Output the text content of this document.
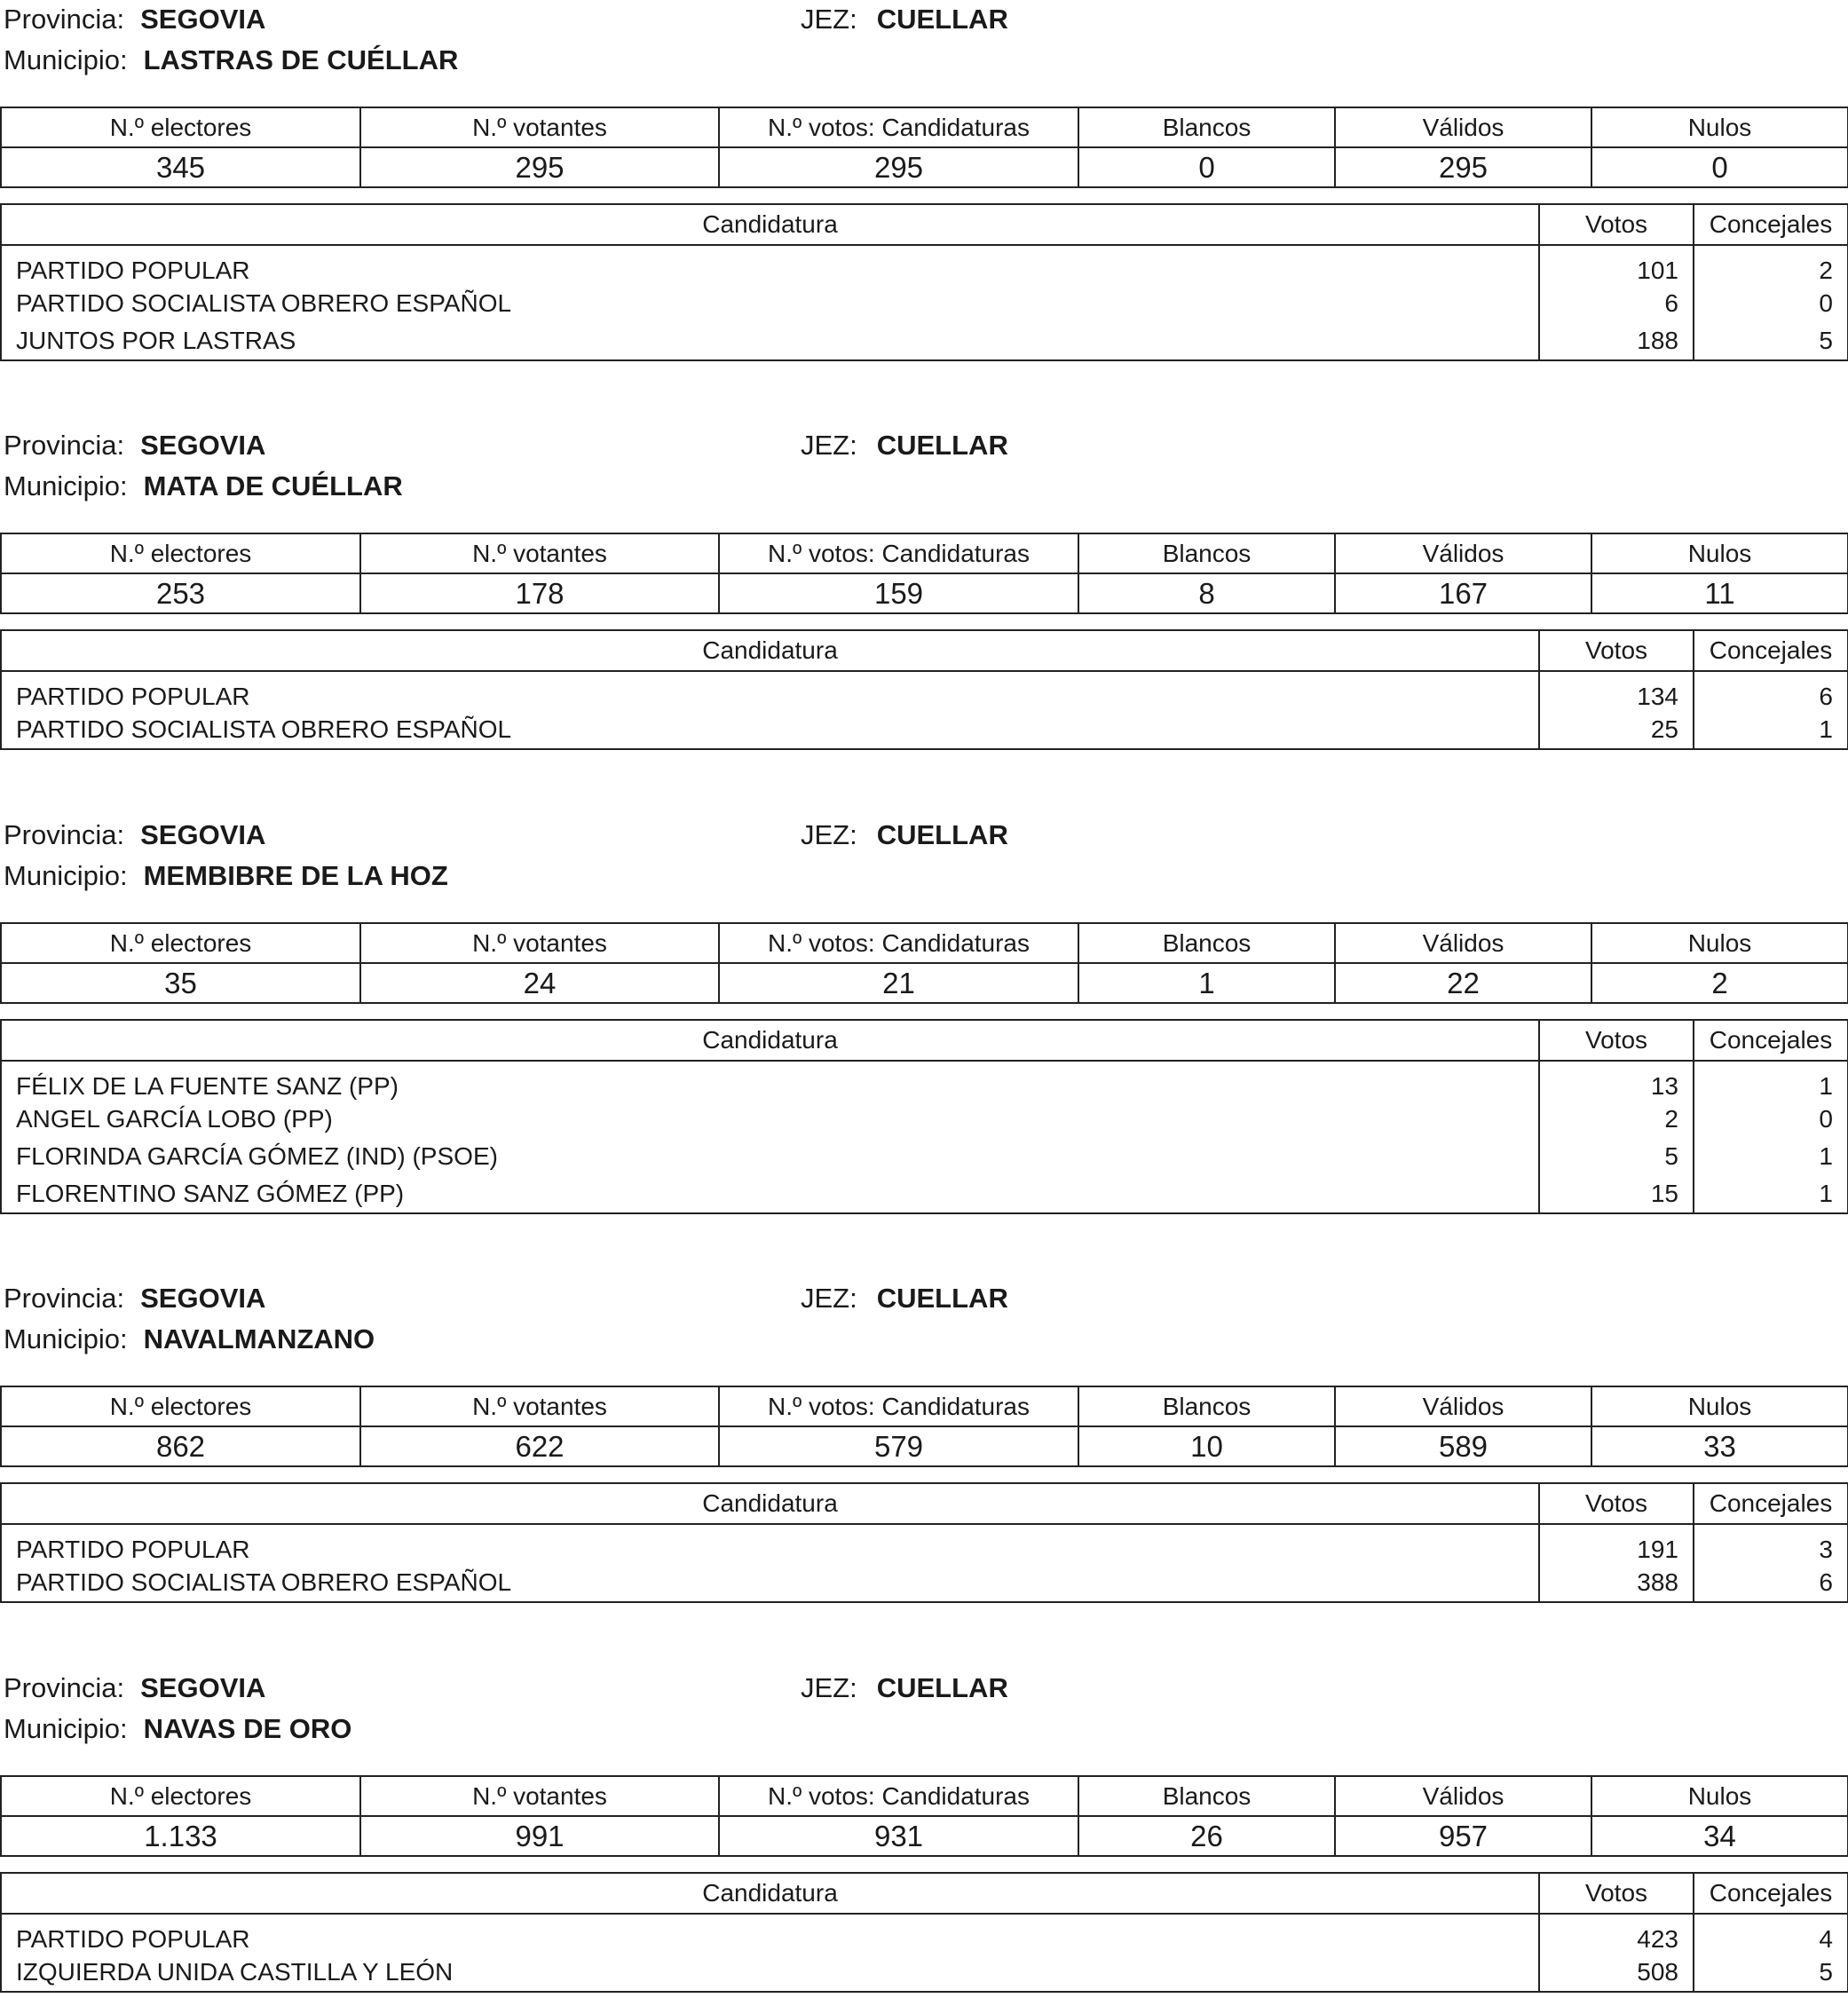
Provincia: SEGOVIA	JEZ: CUELLAR
Municipio: LASTRAS DE CUÉLLAR
N.º electores	N.º votantes	N.º votos: Candidaturas	Blancos	Válidos	Nulos
345	295	295	0	295	0
Candidatura	Votos	Concejales
PARTIDO POPULAR	101	2
PARTIDO SOCIALISTA OBRERO ESPAÑOL	6	0
JUNTOS POR LASTRAS	188	5
Provincia: SEGOVIA	JEZ: CUELLAR
Municipio: MATA DE CUÉLLAR
N.º electores	N.º votantes	N.º votos: Candidaturas	Blancos	Válidos	Nulos
253	178	159	8	167	11
Candidatura	Votos	Concejales
PARTIDO POPULAR	134	6
PARTIDO SOCIALISTA OBRERO ESPAÑOL	25	1
Provincia: SEGOVIA	JEZ: CUELLAR
Municipio: MEMBIBRE DE LA HOZ
N.º electores	N.º votantes	N.º votos: Candidaturas	Blancos	Válidos	Nulos
35	24	21	1	22	2
Candidatura	Votos	Concejales
FÉLIX DE LA FUENTE SANZ (PP)	13	1
ANGEL GARCÍA LOBO (PP)	2	0
FLORINDA GARCÍA GÓMEZ (IND) (PSOE)	5	1
FLORENTINO SANZ GÓMEZ (PP)	15	1
Provincia: SEGOVIA	JEZ: CUELLAR
Municipio: NAVALMANZANO
N.º electores	N.º votantes	N.º votos: Candidaturas	Blancos	Válidos	Nulos
862	622	579	10	589	33
Candidatura	Votos	Concejales
PARTIDO POPULAR	191	3
PARTIDO SOCIALISTA OBRERO ESPAÑOL	388	6
Provincia: SEGOVIA	JEZ: CUELLAR
Municipio: NAVAS DE ORO
N.º electores	N.º votantes	N.º votos: Candidaturas	Blancos	Válidos	Nulos
1.133	991	931	26	957	34
Candidatura	Votos	Concejales
PARTIDO POPULAR	423	4
IZQUIERDA UNIDA CASTILLA Y LEÓN	508	5
